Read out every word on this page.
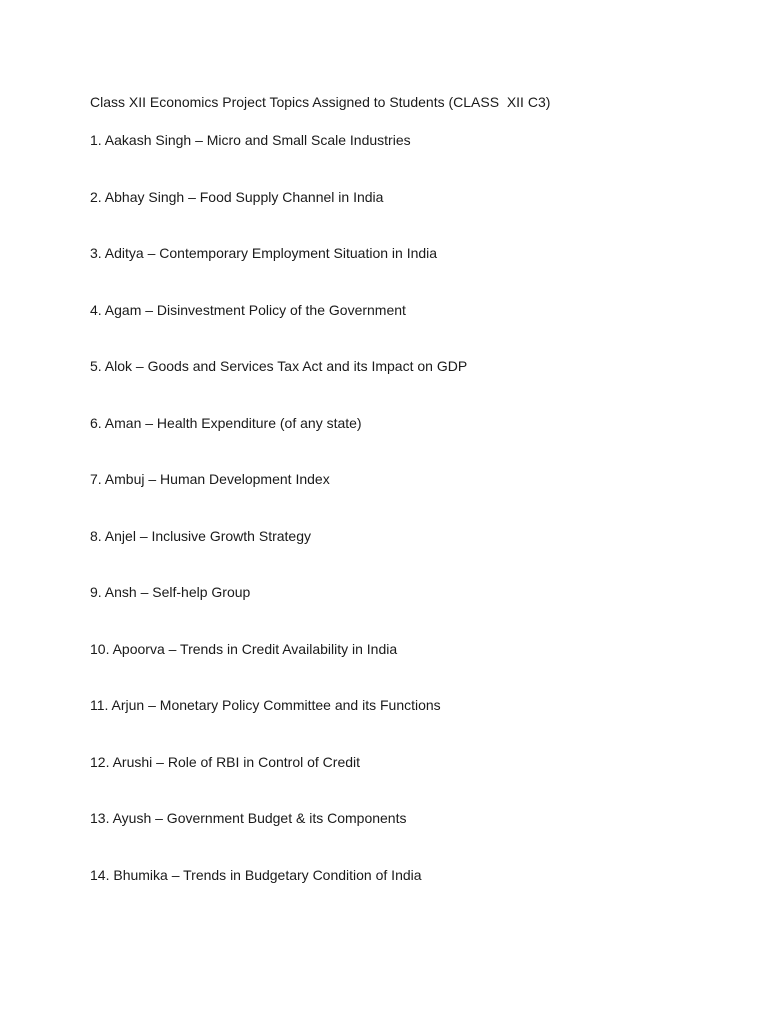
Class XII Economics Project Topics Assigned to Students (CLASS  XII C3)
1. Aakash Singh – Micro and Small Scale Industries
2. Abhay Singh – Food Supply Channel in India
3. Aditya – Contemporary Employment Situation in India
4. Agam – Disinvestment Policy of the Government
5. Alok – Goods and Services Tax Act and its Impact on GDP
6. Aman – Health Expenditure (of any state)
7. Ambuj – Human Development Index
8. Anjel – Inclusive Growth Strategy
9. Ansh – Self-help Group
10. Apoorva – Trends in Credit Availability in India
11. Arjun – Monetary Policy Committee and its Functions
12. Arushi – Role of RBI in Control of Credit
13. Ayush – Government Budget & its Components
14. Bhumika – Trends in Budgetary Condition of India
